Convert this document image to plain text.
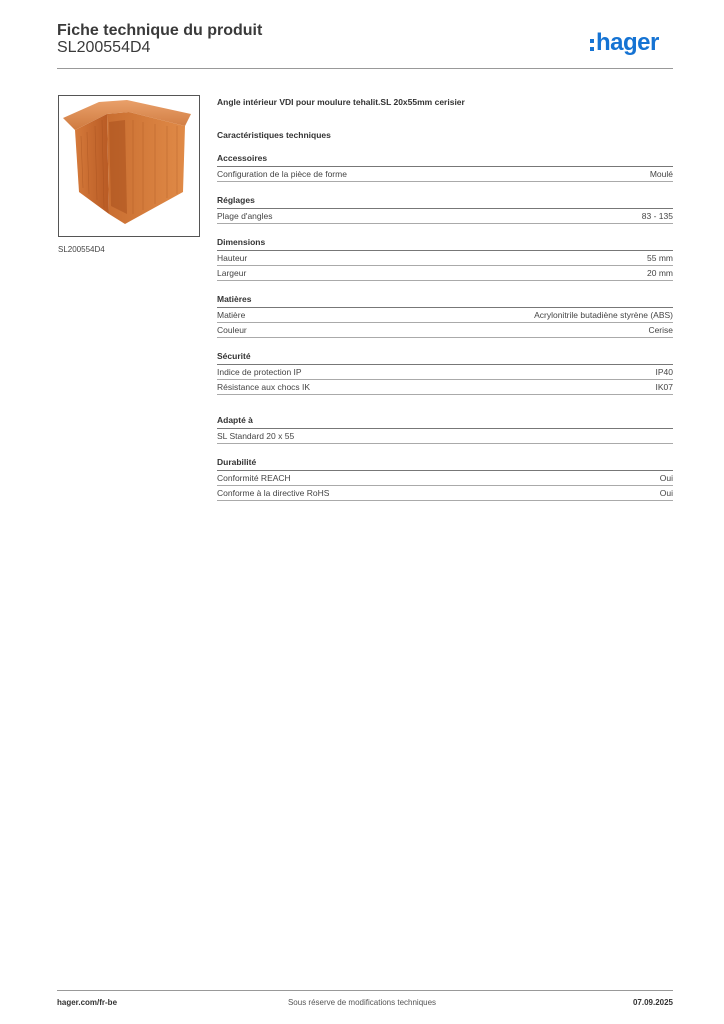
Fiche technique du produit
SL200554D4	hager
SL200554D4
Angle intérieur VDI pour moulure tehalit.SL 20x55mm cerisier
Caractéristiques techniques
Accessoires
Configuration de la pièce de forme	Moulé
Réglages
Plage d'angles	83 - 135
Dimensions
Hauteur	55 mm
Largeur	20 mm
Matières
Matière	Acrylonitrile butadiène styrène (ABS)
Couleur	Cerise
Sécurité
Indice de protection IP	IP40
Résistance aux chocs IK	IK07
Adapté à
SL Standard 20 x 55
Durabilité
Conformité REACH	Oui
Conforme à la directive RoHS	Oui
hager.com/fr-be	Sous réserve de modifications techniques	07.09.2025
